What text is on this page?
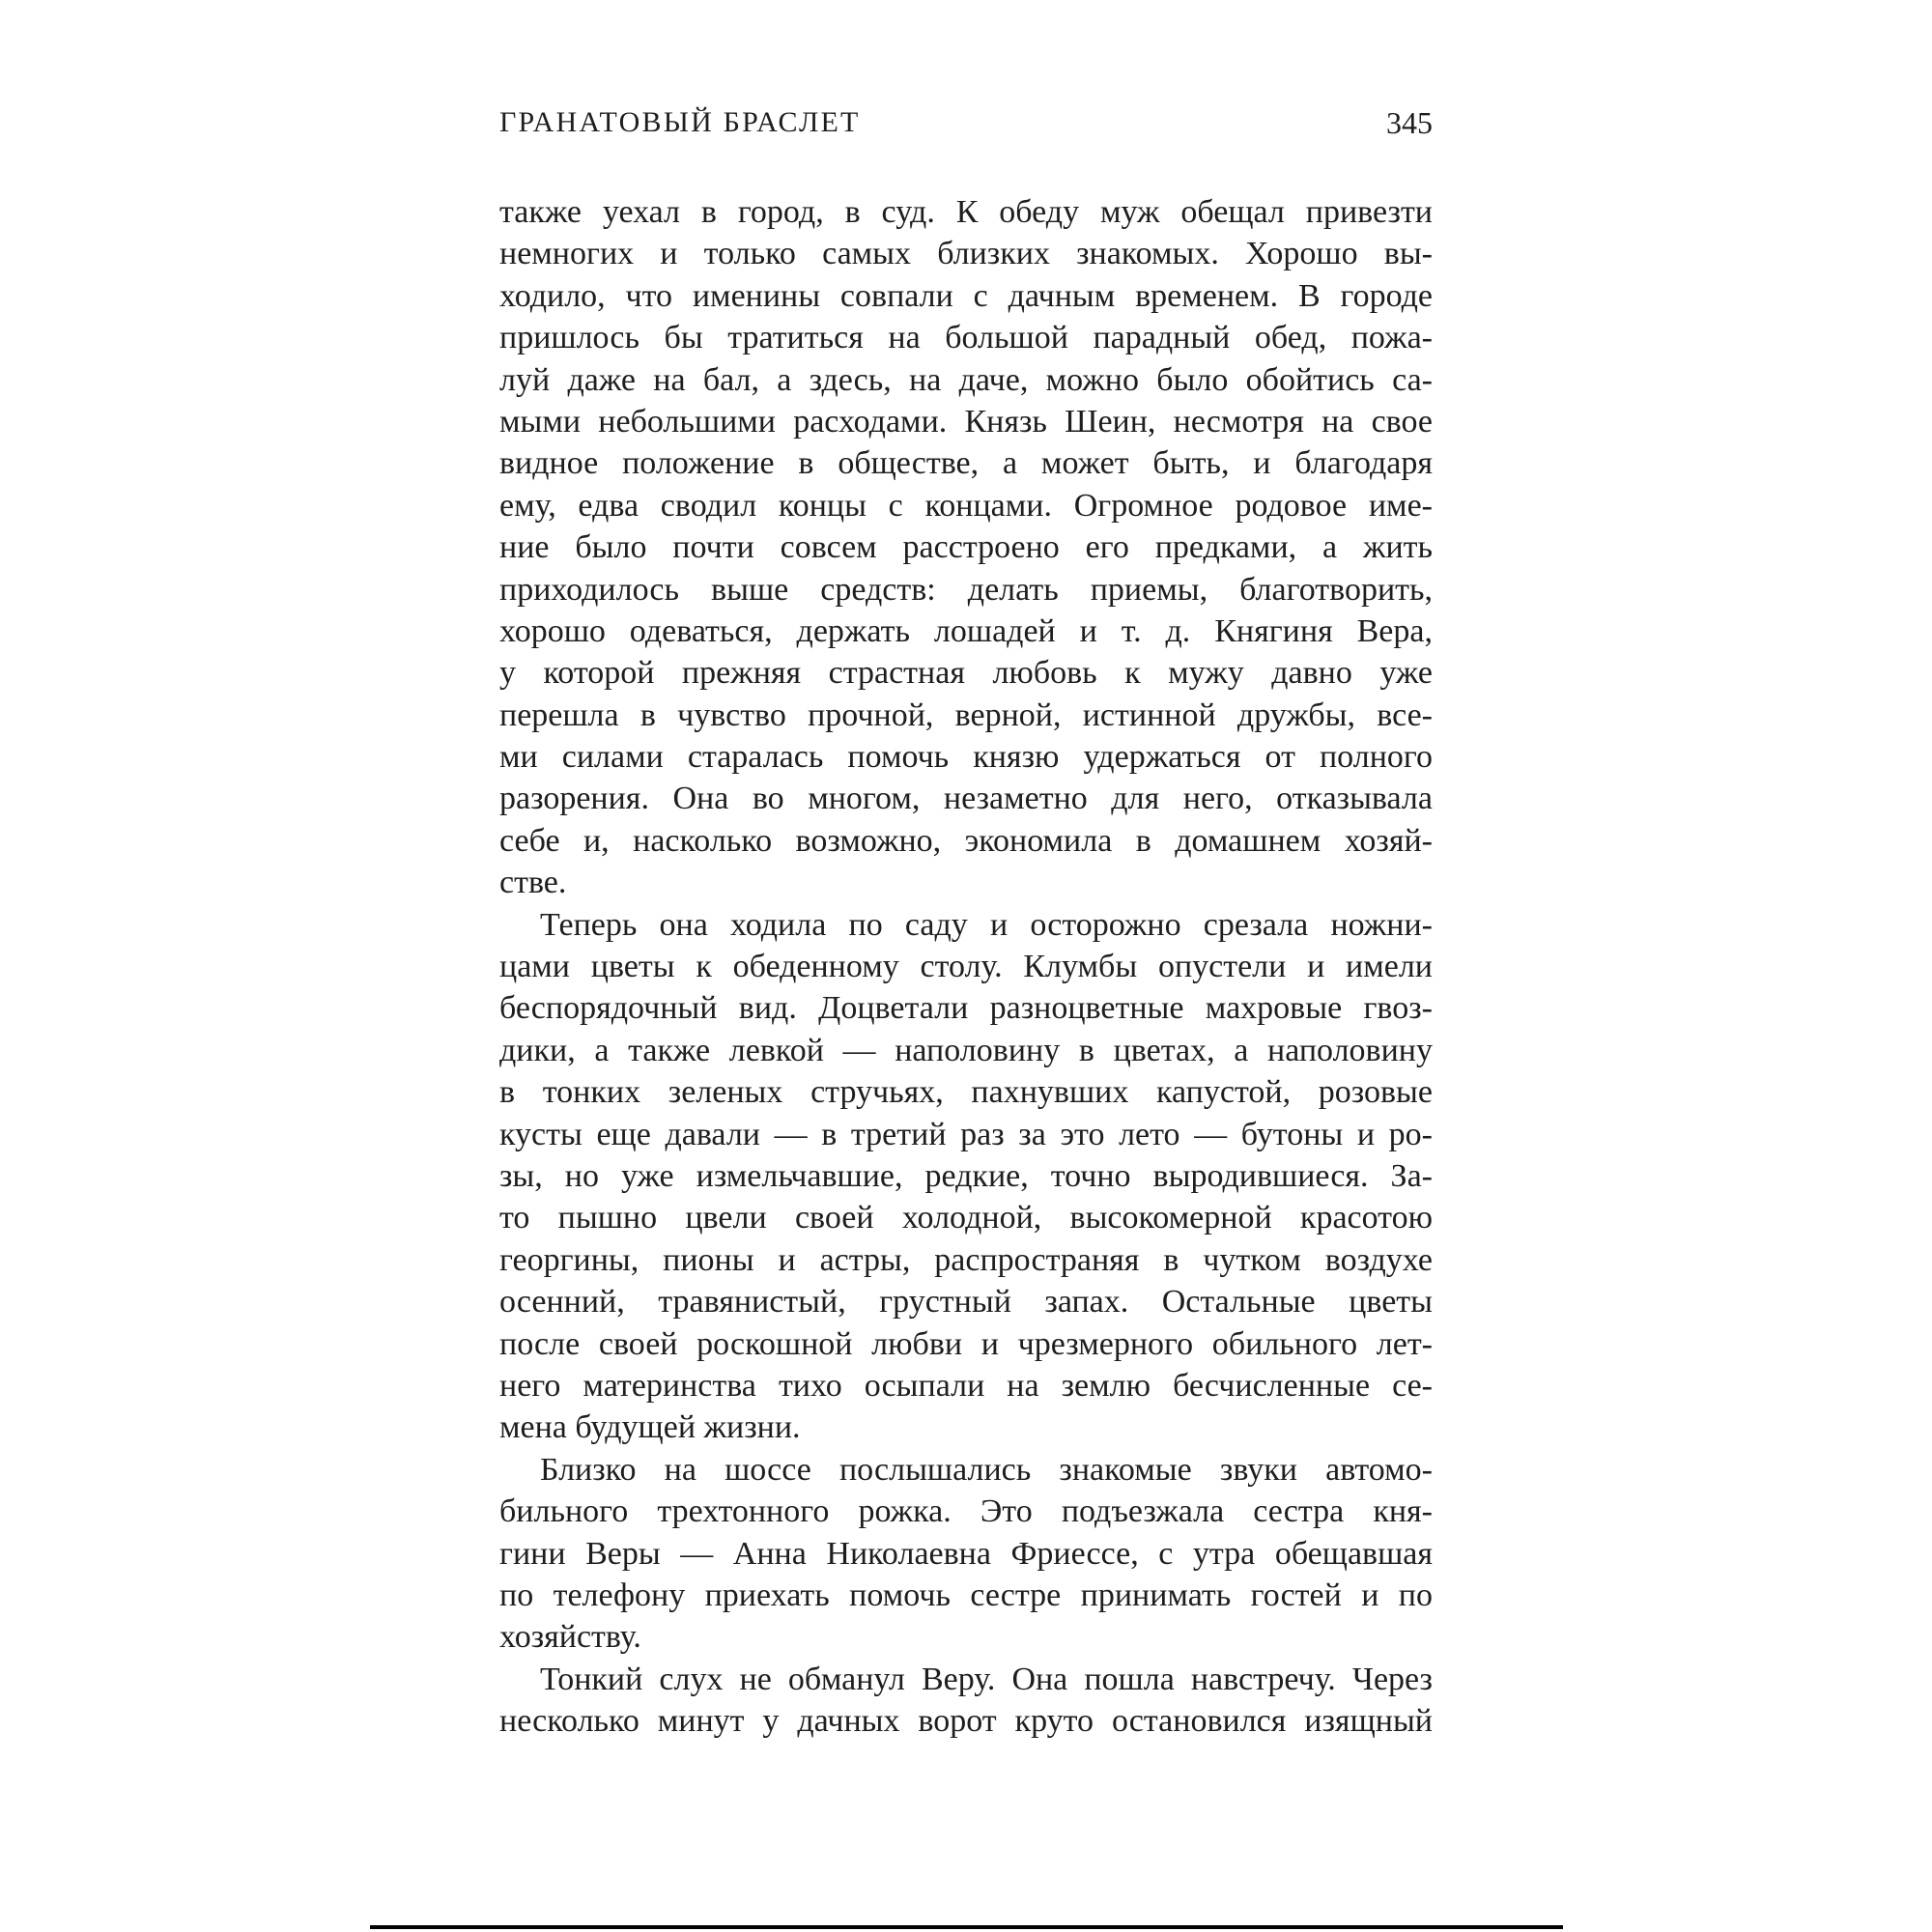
ГРАНАТОВЫЙ БРАСЛЕТ	345
также уехал в город, в суд. К обеду муж обещал привезти
немногих и только самых близких знакомых. Хорошо вы-
ходило, что именины совпали с дачным временем. В городе
пришлось бы тратиться на большой парадный обед, пожа-
луй даже на бал, а здесь, на даче, можно было обойтись са-
мыми небольшими расходами. Князь Шеин, несмотря на свое
видное положение в обществе, а может быть, и благодаря
ему, едва сводил концы с концами. Огромное родовое име-
ние было почти совсем расстроено его предками, а жить
приходилось выше средств: делать приемы, благотворить,
хорошо одеваться, держать лошадей и т. д. Княгиня Вера,
у которой прежняя страстная любовь к мужу давно уже
перешла в чувство прочной, верной, истинной дружбы, все-
ми силами старалась помочь князю удержаться от полного
разорения. Она во многом, незаметно для него, отказывала
себе и, насколько возможно, экономила в домашнем хозяй-
стве.
Теперь она ходила по саду и осторожно срезала ножни-
цами цветы к обеденному столу. Клумбы опустели и имели
беспорядочный вид. Доцветали разноцветные махровые гвоз-
дики, а также левкой — наполовину в цветах, а наполовину
в тонких зеленых стручьях, пахнувших капустой, розовые
кусты еще давали — в третий раз за это лето — бутоны и ро-
зы, но уже измельчавшие, редкие, точно выродившиеся. За-
то пышно цвели своей холодной, высокомерной красотою
георгины, пионы и астры, распространяя в чутком воздухе
осенний, травянистый, грустный запах. Остальные цветы
после своей роскошной любви и чрезмерного обильного лет-
него материнства тихо осыпали на землю бесчисленные се-
мена будущей жизни.
Близко на шоссе послышались знакомые звуки автомо-
бильного трехтонного рожка. Это подъезжала сестра кня-
гини Веры — Анна Николаевна Фриессе, с утра обещавшая
по телефону приехать помочь сестре принимать гостей и по
хозяйству.
Тонкий слух не обманул Веру. Она пошла навстречу. Через
несколько минут у дачных ворот круто остановился изящный
